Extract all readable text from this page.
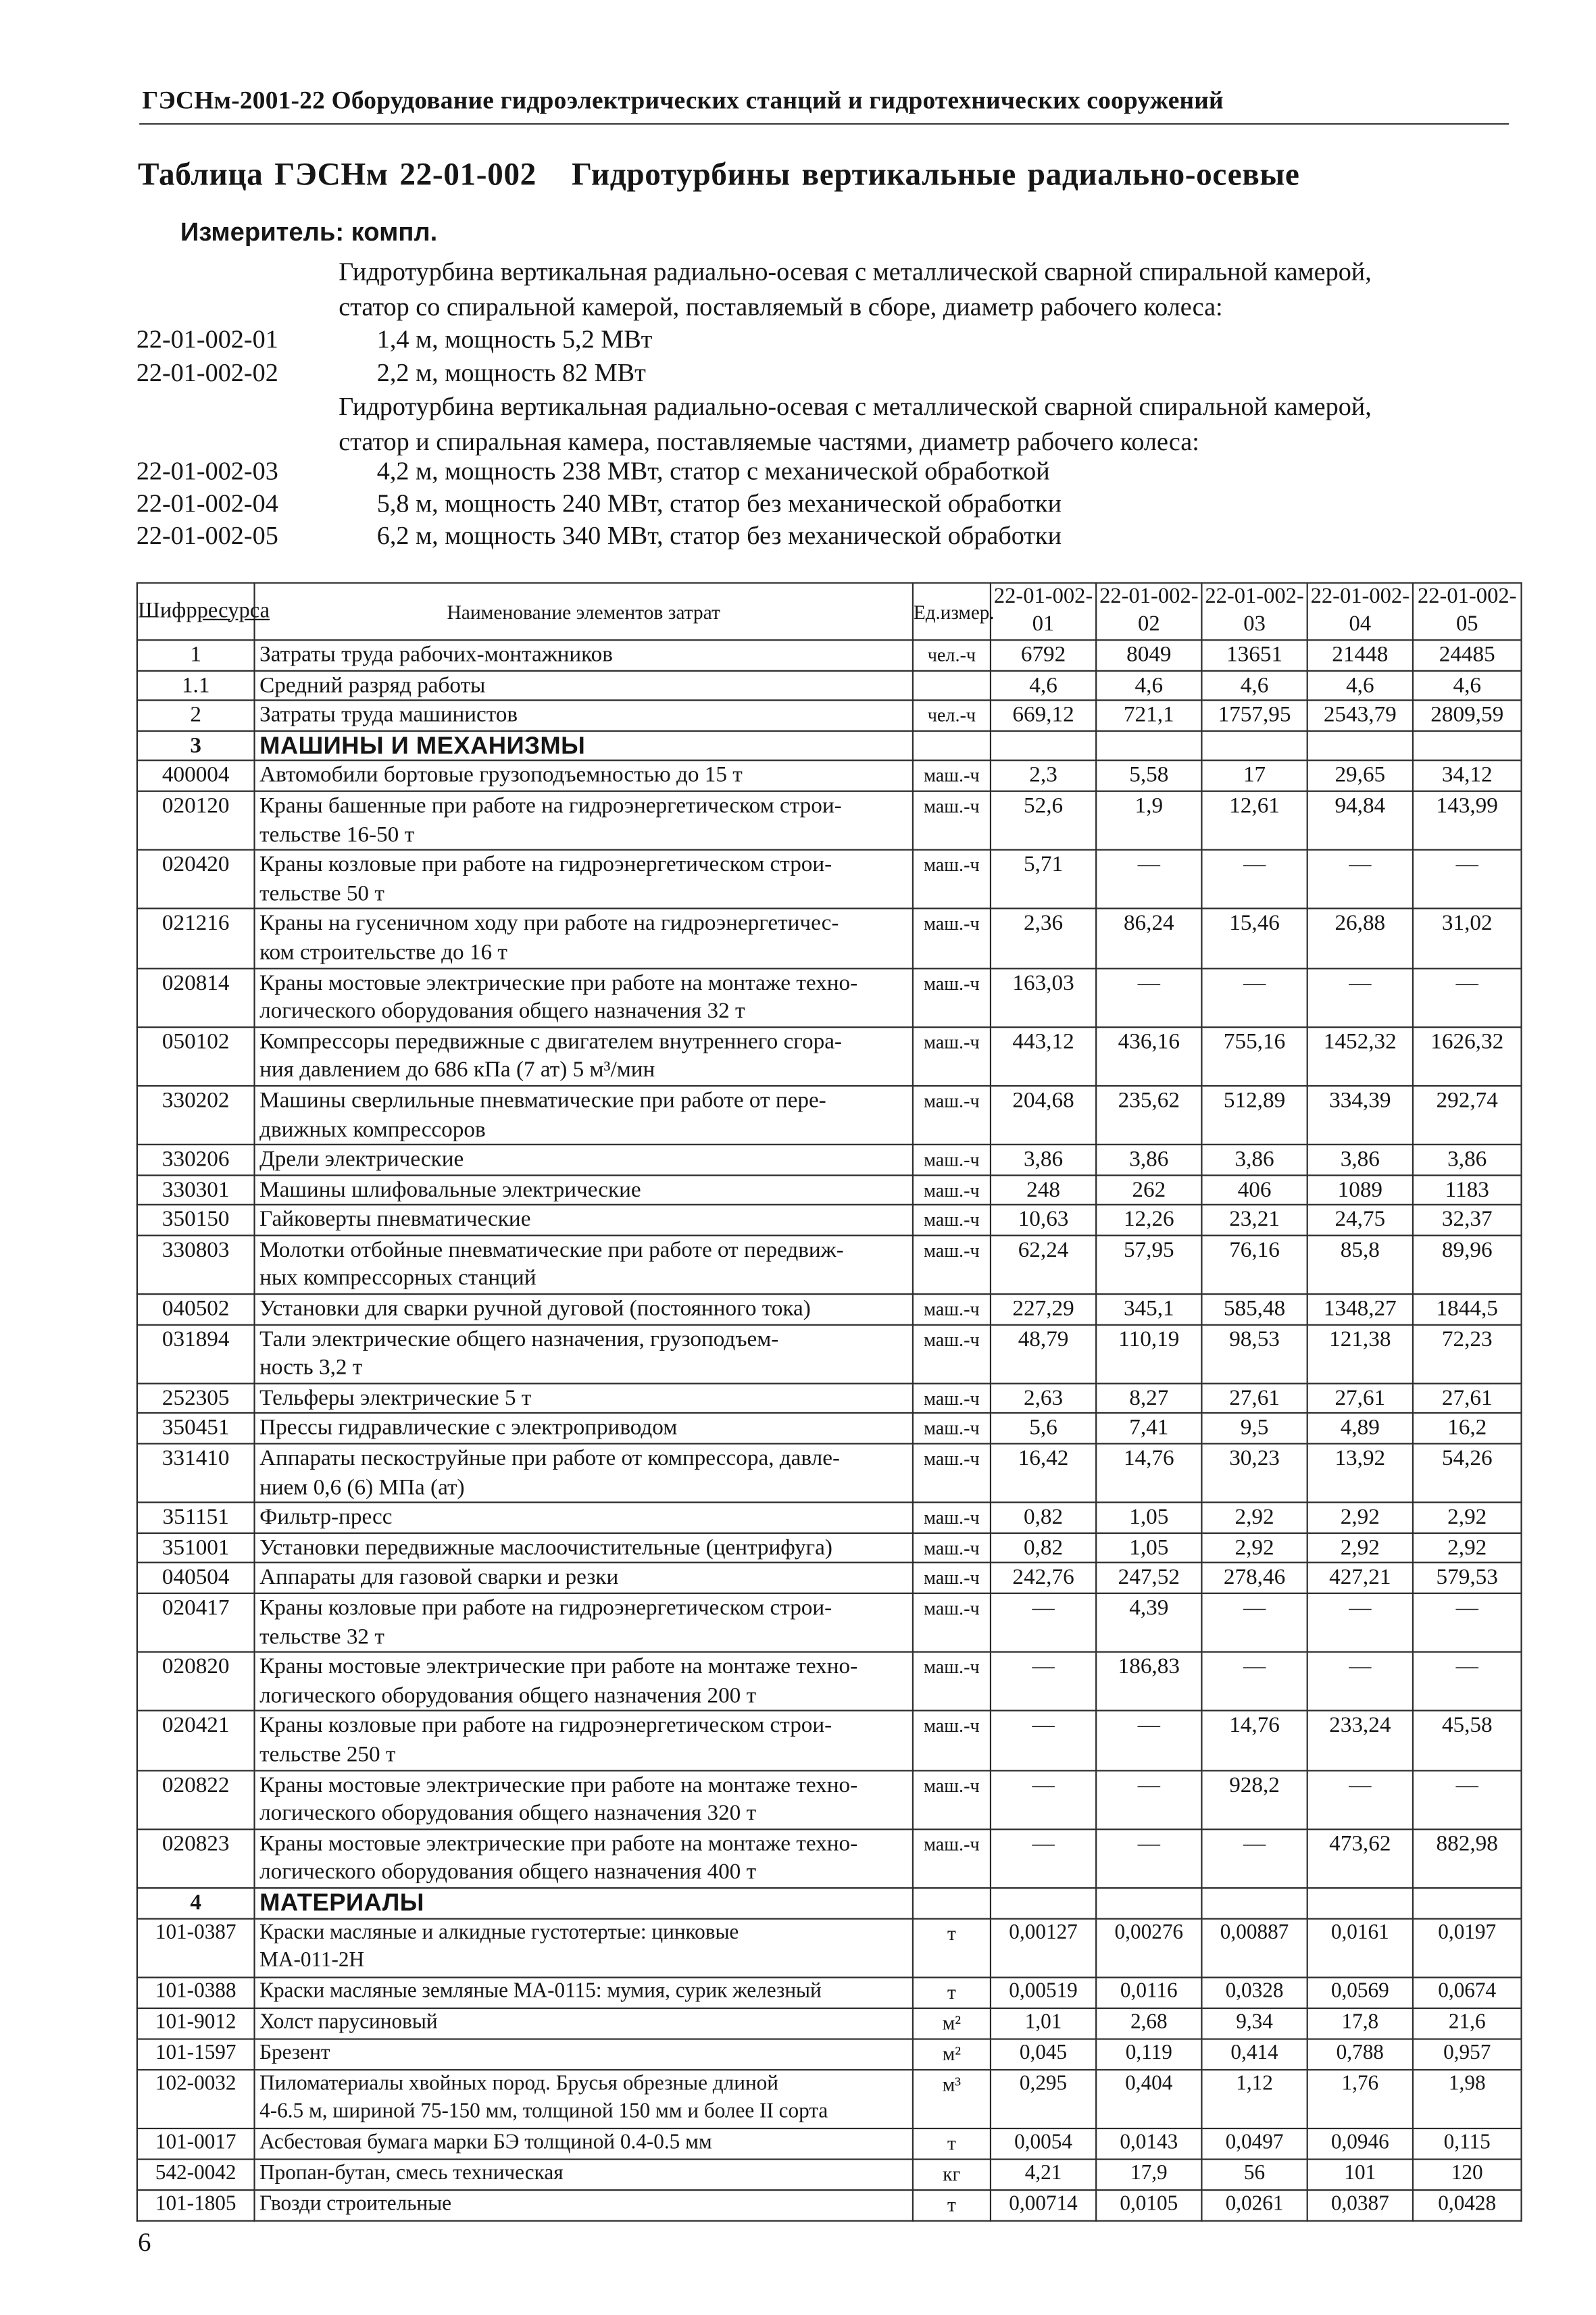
ГЭСНм-2001-22 Оборудование гидроэлектрических станций и гидротехнических сооружений
Таблица ГЭСНм 22-01-002 Гидротурбины вертикальные радиально-осевые
Измеритель: компл.
Гидротурбина вертикальная радиально-осевая с металлической сварной спиральной камерой,
статор со спиральной камерой, поставляемый в сборе, диаметр рабочего колеса:
22-01-002-01	1,4 м, мощность 5,2 МВт
22-01-002-02	2,2 м, мощность 82 МВт
Гидротурбина вертикальная радиально-осевая с металлической сварной спиральной камерой,
статор и спиральная камера, поставляемые частями, диаметр рабочего колеса:
22-01-002-03	4,2 м, мощность 238 МВт, статор с механической обработкой
22-01-002-04	5,8 м, мощность 240 МВт, статор без механической обработки
22-01-002-05	6,2 м, мощность 340 МВт, статор без механической обработки
Шифрресурса	Наименование элементов затрат	Ед.измер.	22-01-002-01	22-01-002-02	22-01-002-03	22-01-002-04	22-01-002-05
1	Затраты труда рабочих-монтажников	чел.-ч	6792	8049	13651	21448	24485
1.1	Средний разряд работы		4,6	4,6	4,6	4,6	4,6
2	Затраты труда машинистов	чел.-ч	669,12	721,1	1757,95	2543,79	2809,59
3	МАШИНЫ И МЕХАНИЗМЫ						

400004	Автомобили бортовые грузоподъемностью до 15 т	маш.-ч	2,3	5,58	17	29,65	34,12
020120	Краны башенные при работе на гидроэнергетическом строи-
тельстве 16-50 т	маш.-ч	52,6	1,9	12,61	94,84	143,99
020420	Краны козловые при работе на гидроэнергетическом строи-
тельстве 50 т	маш.-ч	5,71	—	—	—	—
021216	Краны на гусеничном ходу при работе на гидроэнергетичес-
ком строительстве до 16 т	маш.-ч	2,36	86,24	15,46	26,88	31,02
020814	Краны мостовые электрические при работе на монтаже техно-
логического оборудования общего назначения 32 т	маш.-ч	163,03	—	—	—	—
050102	Компрессоры передвижные с двигателем внутреннего сгора-
ния давлением до 686 кПа (7 ат) 5 м³/мин	маш.-ч	443,12	436,16	755,16	1452,32	1626,32
330202	Машины сверлильные пневматические при работе от пере-
движных компрессоров	маш.-ч	204,68	235,62	512,89	334,39	292,74
330206	Дрели электрические	маш.-ч	3,86	3,86	3,86	3,86	3,86
330301	Машины шлифовальные электрические	маш.-ч	248	262	406	1089	1183
350150	Гайковерты пневматические	маш.-ч	10,63	12,26	23,21	24,75	32,37
330803	Молотки отбойные пневматические при работе от передвиж-
ных компрессорных станций	маш.-ч	62,24	57,95	76,16	85,8	89,96
040502	Установки для сварки ручной дуговой (постоянного тока)	маш.-ч	227,29	345,1	585,48	1348,27	1844,5
031894	Тали электрические общего назначения, грузоподъем-
ность 3,2 т	маш.-ч	48,79	110,19	98,53	121,38	72,23
252305	Тельферы электрические 5 т	маш.-ч	2,63	8,27	27,61	27,61	27,61
350451	Прессы гидравлические с электроприводом	маш.-ч	5,6	7,41	9,5	4,89	16,2
331410	Аппараты пескоструйные при работе от компрессора, давле-
нием 0,6 (6) МПа (ат)	маш.-ч	16,42	14,76	30,23	13,92	54,26
351151	Фильтр-пресс	маш.-ч	0,82	1,05	2,92	2,92	2,92
351001	Установки передвижные маслоочистительные (центрифуга)	маш.-ч	0,82	1,05	2,92	2,92	2,92
040504	Аппараты для газовой сварки и резки	маш.-ч	242,76	247,52	278,46	427,21	579,53
020417	Краны козловые при работе на гидроэнергетическом строи-
тельстве 32 т	маш.-ч	—	4,39	—	—	—
020820	Краны мостовые электрические при работе на монтаже техно-
логического оборудования общего назначения 200 т	маш.-ч	—	186,83	—	—	—
020421	Краны козловые при работе на гидроэнергетическом строи-
тельстве 250 т	маш.-ч	—	—	14,76	233,24	45,58
020822	Краны мостовые электрические при работе на монтаже техно-
логического оборудования общего назначения 320 т	маш.-ч	—	—	928,2	—	—
020823	Краны мостовые электрические при работе на монтаже техно-
логического оборудования общего назначения 400 т	маш.-ч	—	—	—	473,62	882,98
4	МАТЕРИАЛЫ						

101-0387	Краски масляные и алкидные густотертые: цинковые
МА-011-2Н	т	0,00127	0,00276	0,00887	0,0161	0,0197
101-0388	Краски масляные земляные МА-0115: мумия, сурик железный	т	0,00519	0,0116	0,0328	0,0569	0,0674
101-9012	Холст парусиновый	м²	1,01	2,68	9,34	17,8	21,6
101-1597	Брезент	м²	0,045	0,119	0,414	0,788	0,957
102-0032	Пиломатериалы хвойных пород. Брусья обрезные длиной
4-6.5 м, шириной 75-150 мм, толщиной 150 мм и более II сорта	м³	0,295	0,404	1,12	1,76	1,98
101-0017	Асбестовая бумага марки БЭ толщиной 0.4-0.5 мм	т	0,0054	0,0143	0,0497	0,0946	0,115
542-0042	Пропан-бутан, смесь техническая	кг	4,21	17,9	56	101	120
101-1805	Гвозди строительные	т	0,00714	0,0105	0,0261	0,0387	0,0428
6
